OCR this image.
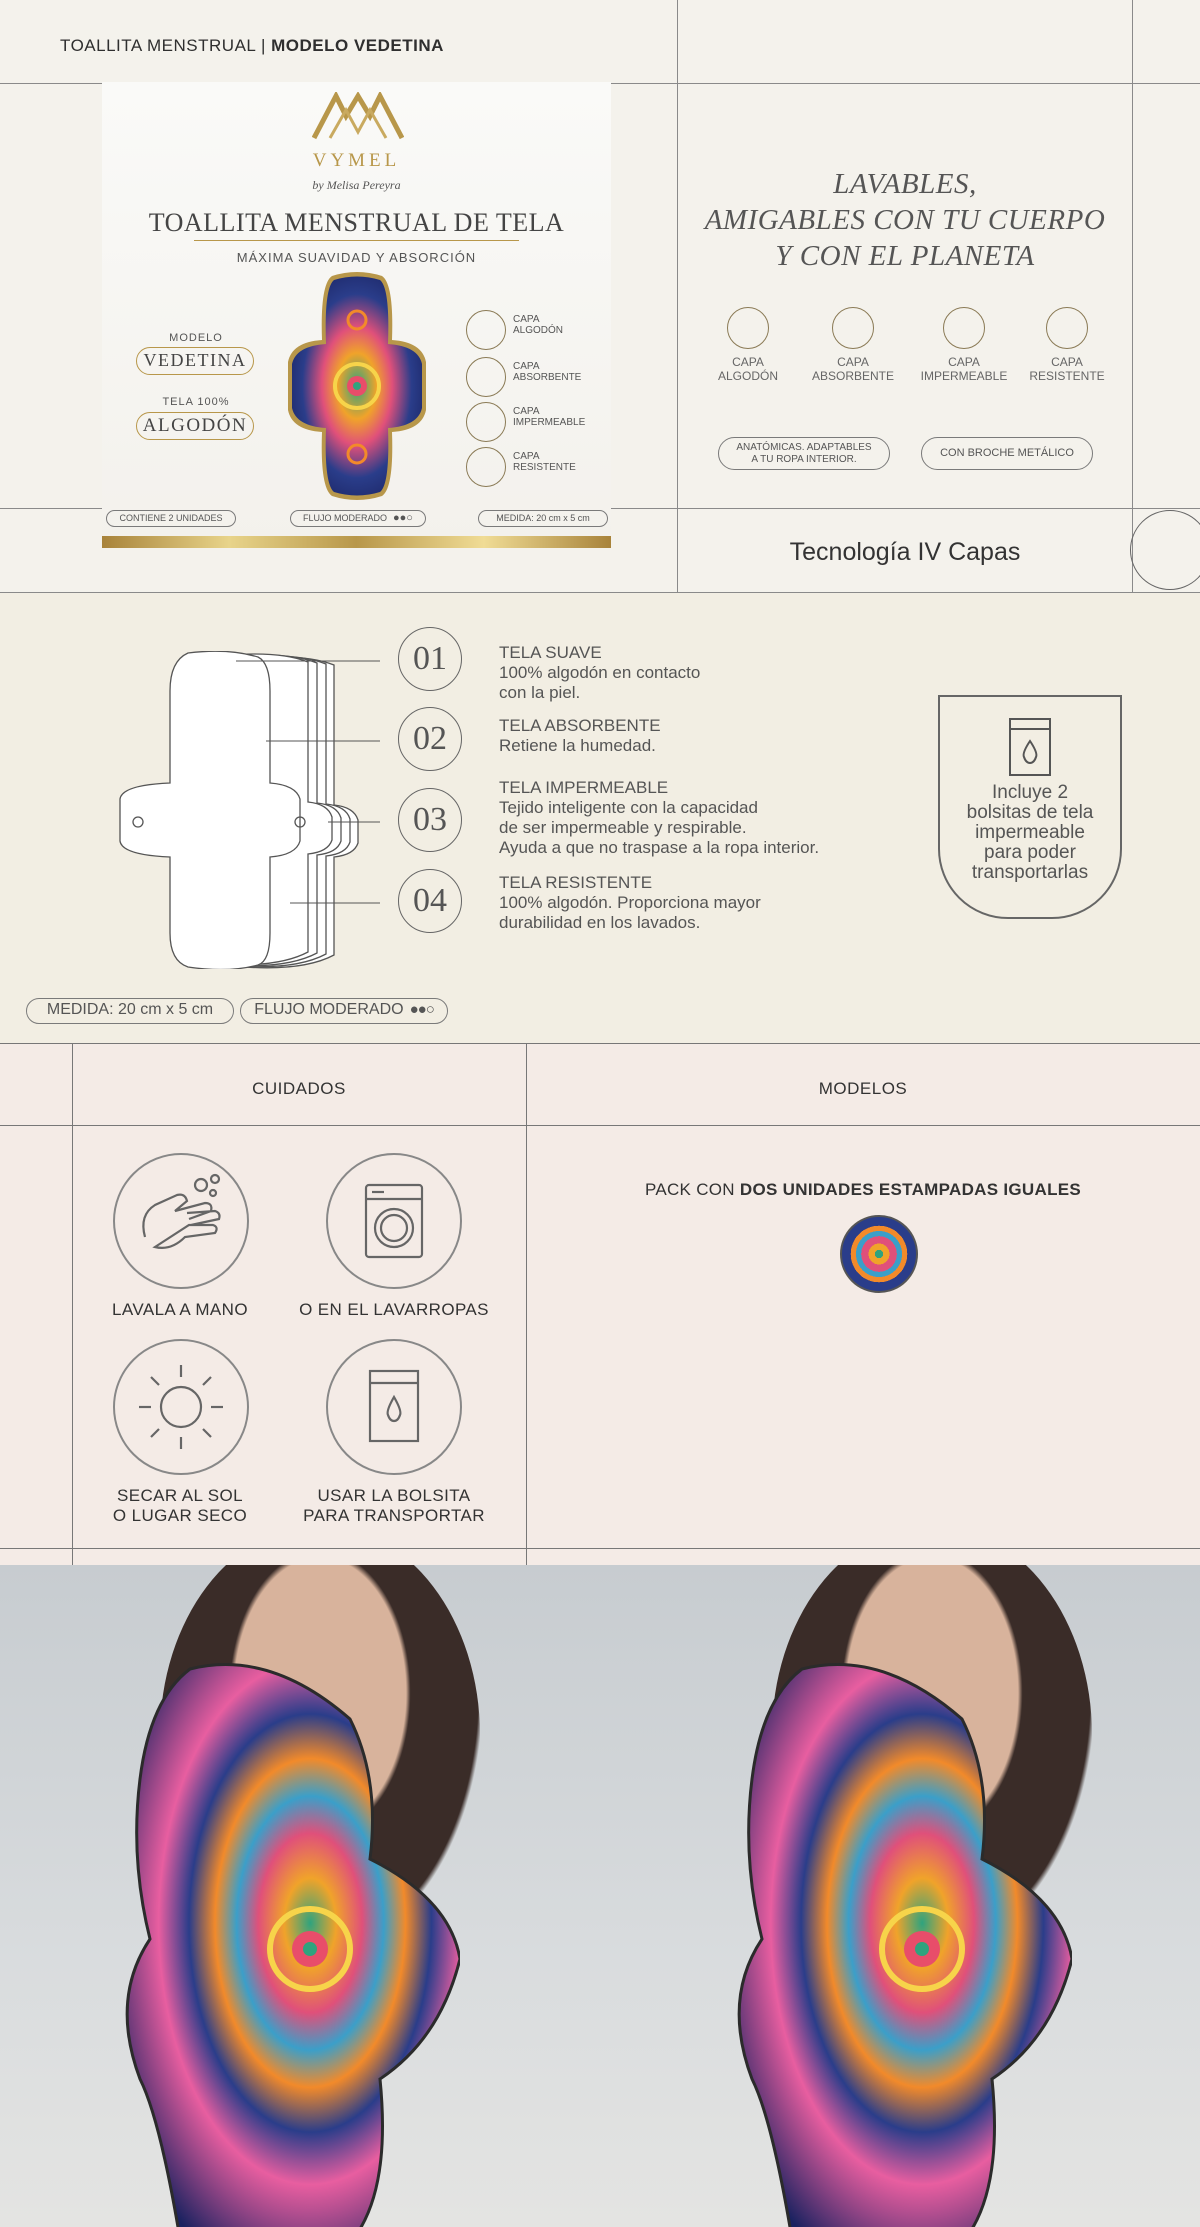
TOALLITA MENSTRUAL | MODELO VEDETINA
VYMEL
by Melisa Pereyra
TOALLITA MENSTRUAL DE TELA
MÁXIMA SUAVIDAD Y ABSORCIÓN
MODELO
VEDETINA
TELA 100%
ALGODÓN
CAPA
ALGODÓN
CAPA
ABSORBENTE
CAPA
IMPERMEABLE
CAPA
RESISTENTE
CONTIENE 2 UNIDADES	FLUJO MODERADO ●●○	MEDIDA: 20 cm x 5 cm
LAVABLES,
AMIGABLES CON TU CUERPO
Y CON EL PLANETA
CAPA
ALGODÓN
CAPA
ABSORBENTE
CAPA
IMPERMEABLE
CAPA
RESISTENTE
ANATÓMICAS. ADAPTABLES
A TU ROPA INTERIOR.
CON BROCHE METÁLICO
Tecnología IV Capas
01
02
03
04
TELA SUAVE
100% algodón en contacto
con la piel.
TELA ABSORBENTE
Retiene la humedad.
TELA IMPERMEABLE
Tejido inteligente con la capacidad
de ser impermeable y respirable.
Ayuda a que no traspase a la ropa interior.
TELA RESISTENTE
100% algodón. Proporciona mayor
durabilidad en los lavados.
Incluye 2
bolsitas de tela
impermeable
para poder
transportarlas
MEDIDA: 20 cm x 5 cm	FLUJO MODERADO ●●○
CUIDADOS	MODELOS
LAVALA A MANO	O EN EL LAVARROPAS
SECAR AL SOL
O LUGAR SECO
USAR LA BOLSITA
PARA TRANSPORTAR
PACK CON DOS UNIDADES ESTAMPADAS IGUALES
